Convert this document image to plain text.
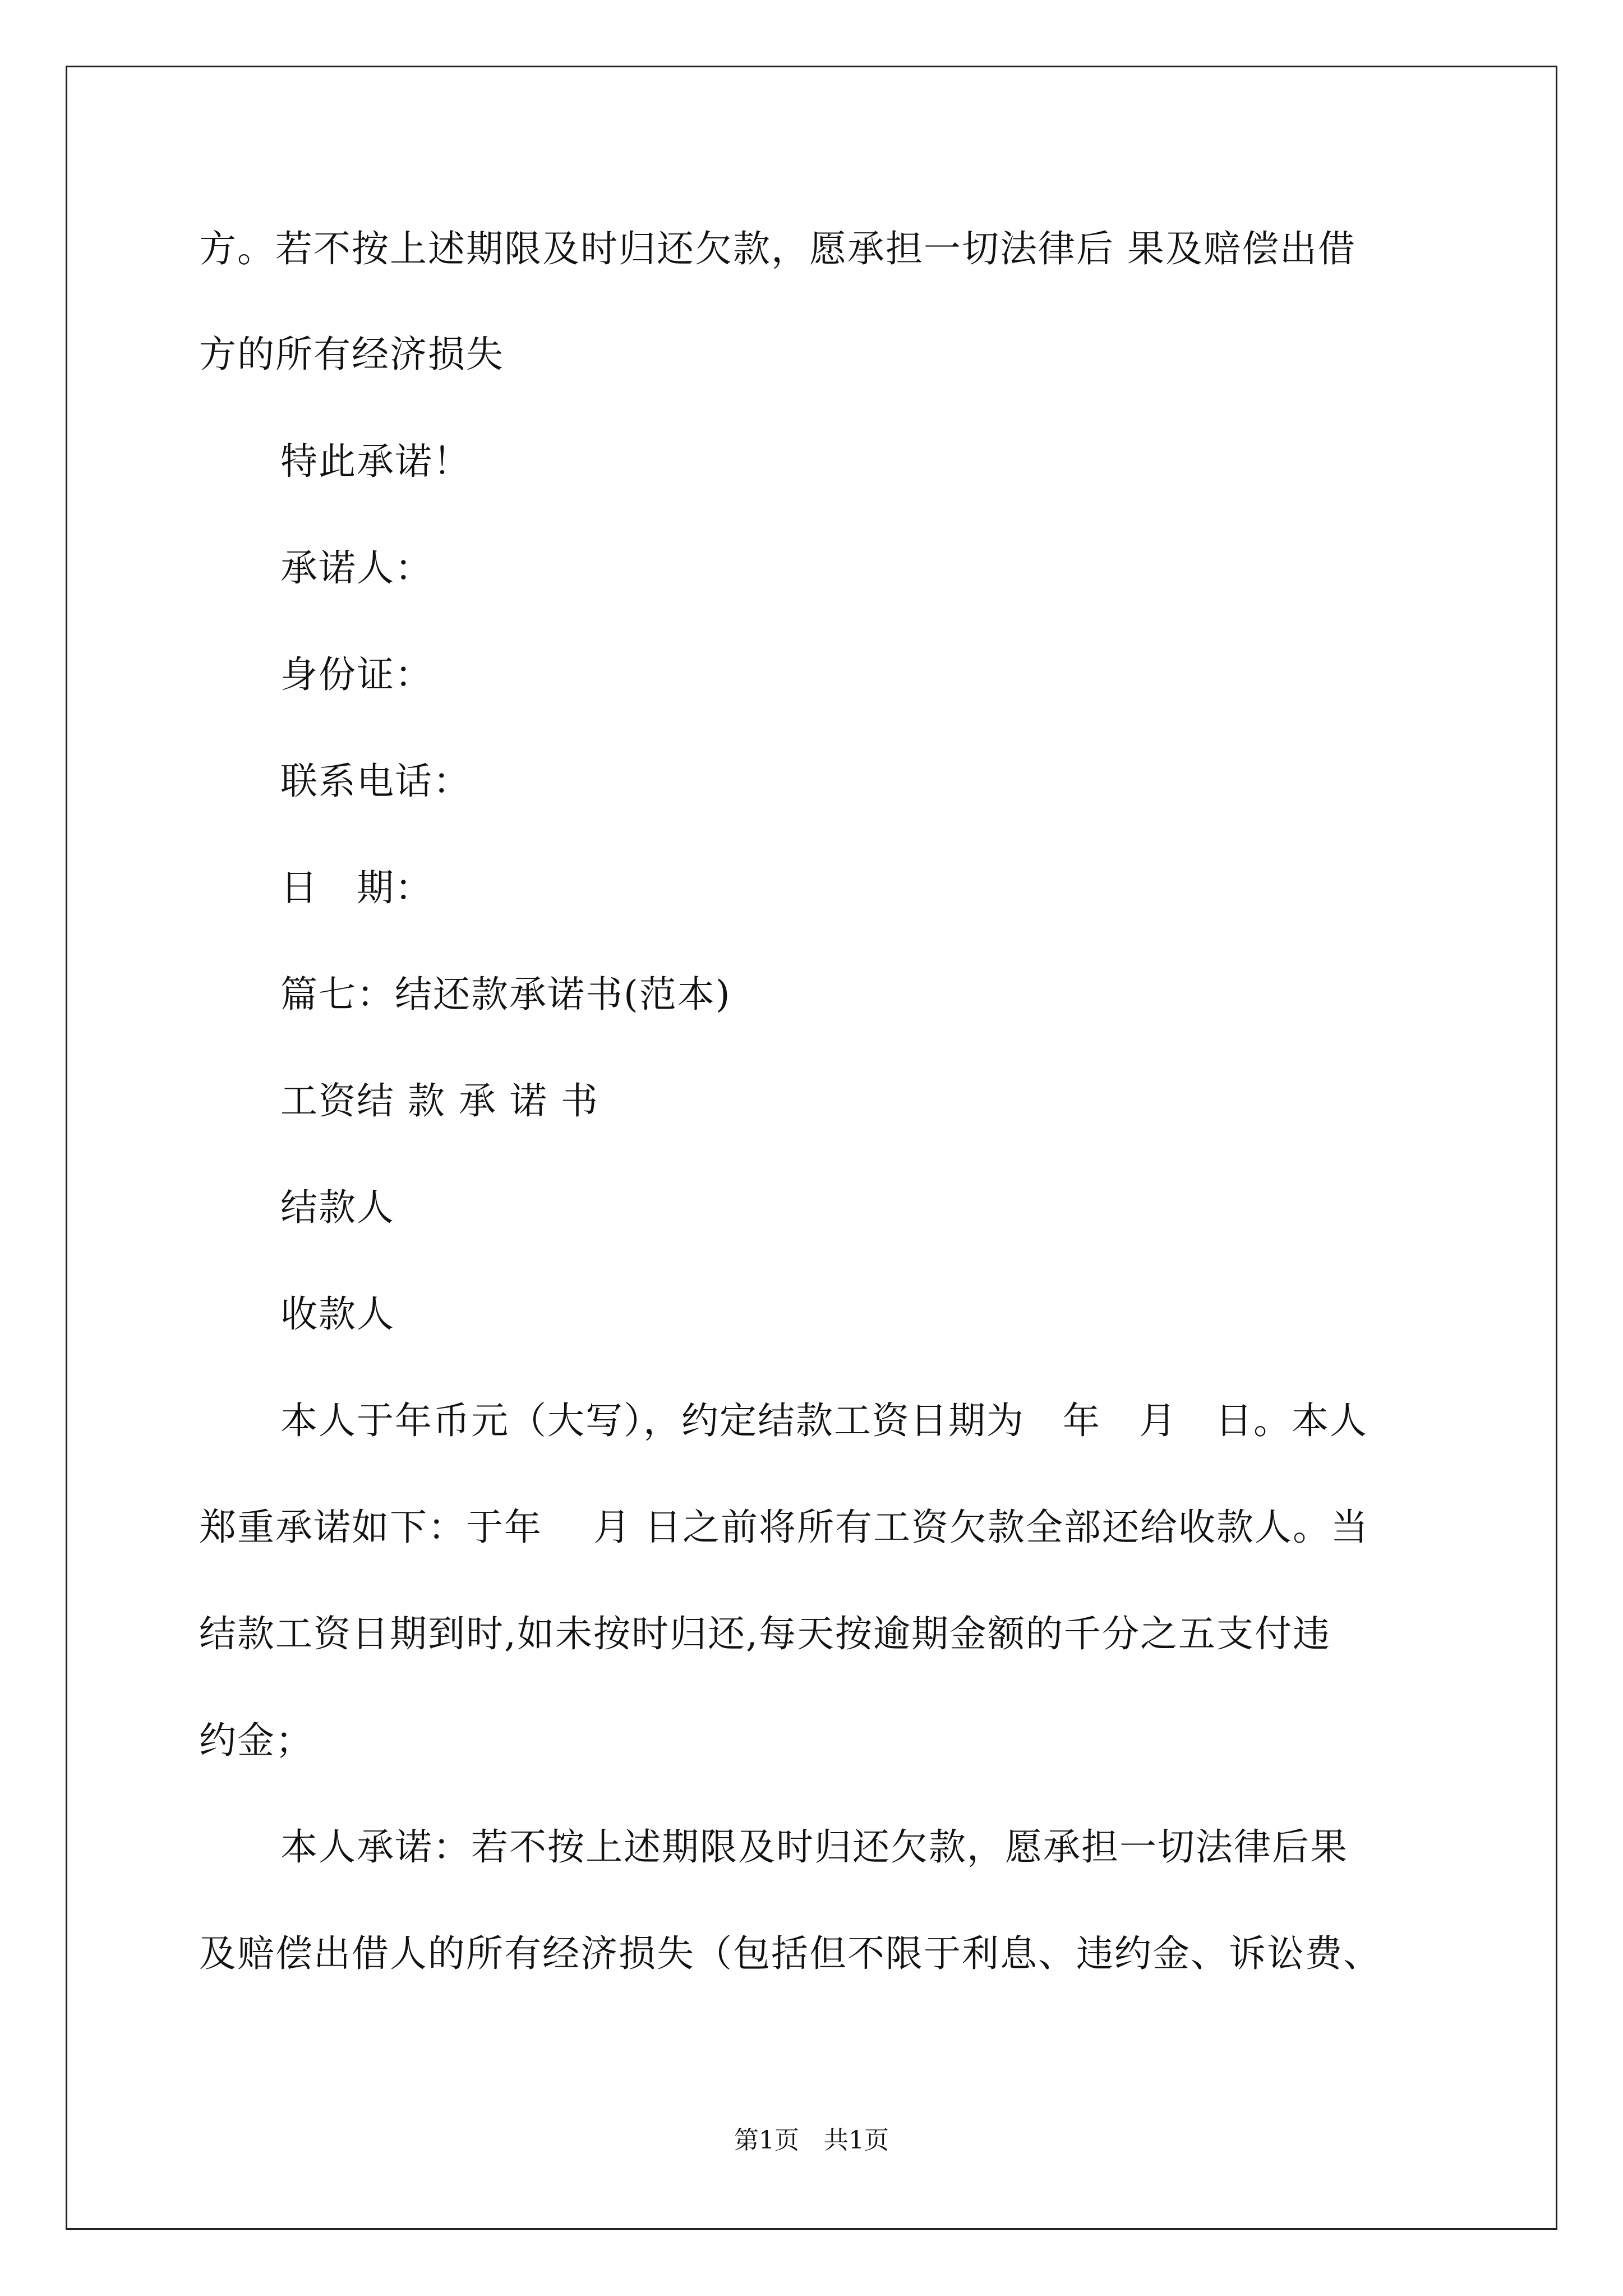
方。若不按上述期限及时归还欠款，愿承担一切法律后 果及赔偿出借
方的所有经济损失
特此承诺！
承诺人：
身份证：
联系电话：
日　期：
篇七：结还款承诺书(范本)
工资结 款 承 诺 书
结款人
收款人
本人于年币元（大写），约定结款工资日期为　年　月　日。本人
郑重承诺如下：于年　 月 日之前将所有工资欠款全部还给收款人。当
结款工资日期到时,如未按时归还,每天按逾期金额的千分之五支付违
约金；
本人承诺：若不按上述期限及时归还欠款，愿承担一切法律后果
及赔偿出借人的所有经济损失（包括但不限于利息、违约金、诉讼费、
第1页　共1页
